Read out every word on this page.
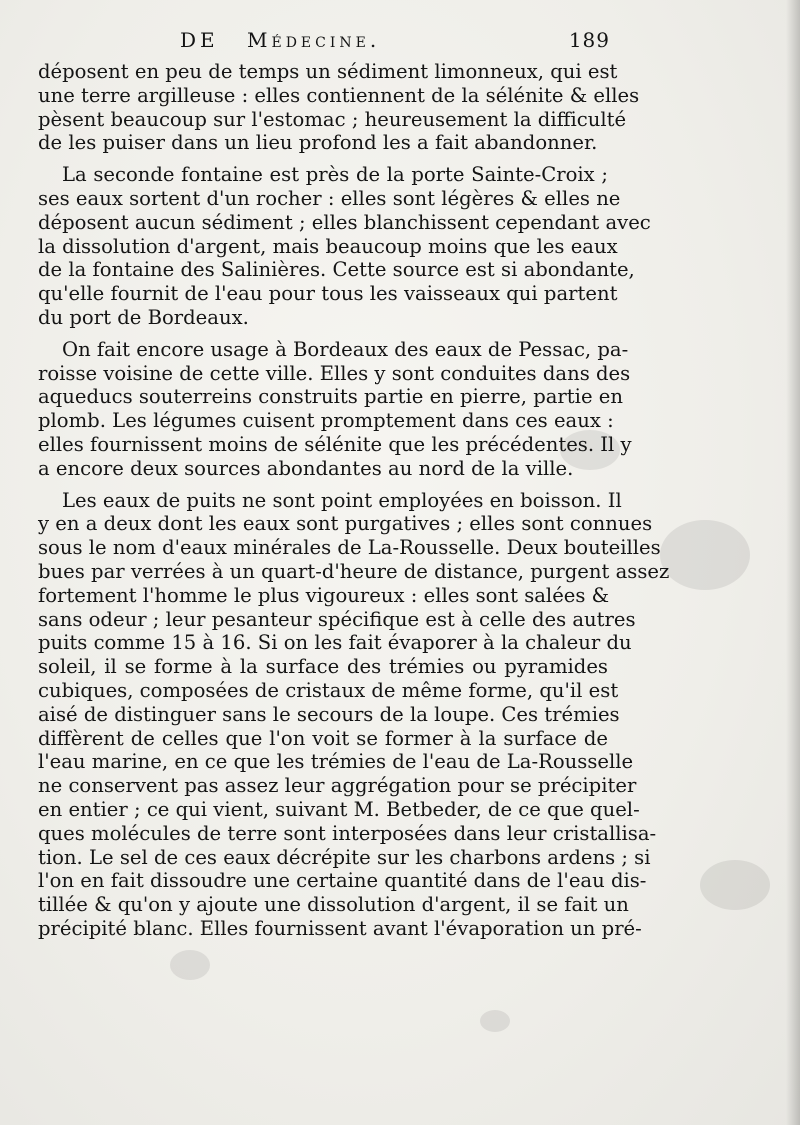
DE Médecine.	189
déposent en peu de temps un sédiment limonneux, qui est
une terre argilleuse : elles contiennent de la sélénite & elles
pèsent beaucoup sur l'estomac ; heureusement la difficulté
de les puiser dans un lieu profond les a fait abandonner.
La seconde fontaine est près de la porte Sainte-Croix ;
ses eaux sortent d'un rocher : elles sont légères & elles ne
déposent aucun sédiment ; elles blanchissent cependant avec
la dissolution d'argent, mais beaucoup moins que les eaux
de la fontaine des Salinières. Cette source est si abondante,
qu'elle fournit de l'eau pour tous les vaisseaux qui partent
du port de Bordeaux.
On fait encore usage à Bordeaux des eaux de Pessac, pa-
roisse voisine de cette ville. Elles y sont conduites dans des
aqueducs souterreins construits partie en pierre, partie en
plomb. Les légumes cuisent promptement dans ces eaux :
elles fournissent moins de sélénite que les précédentes. Il y
a encore deux sources abondantes au nord de la ville.
Les eaux de puits ne sont point employées en boisson. Il
y en a deux dont les eaux sont purgatives ; elles sont connues
sous le nom d'eaux minérales de La-Rousselle. Deux bouteilles
bues par verrées à un quart-d'heure de distance, purgent assez
fortement l'homme le plus vigoureux : elles sont salées &
sans odeur ; leur pesanteur spécifique est à celle des autres
puits comme 15 à 16. Si on les fait évaporer à la chaleur du
soleil, il se forme à la surface des trémies ou pyramides
cubiques, composées de cristaux de même forme, qu'il est
aisé de distinguer sans le secours de la loupe. Ces trémies
diffèrent de celles que l'on voit se former à la surface de
l'eau marine, en ce que les trémies de l'eau de La-Rousselle
ne conservent pas assez leur aggrégation pour se précipiter
en entier ; ce qui vient, suivant M. Betbeder, de ce que quel-
ques molécules de terre sont interposées dans leur cristallisa-
tion. Le sel de ces eaux décrépite sur les charbons ardens ; si
l'on en fait dissoudre une certaine quantité dans de l'eau dis-
tillée & qu'on y ajoute une dissolution d'argent, il se fait un
précipité blanc. Elles fournissent avant l'évaporation un pré-
